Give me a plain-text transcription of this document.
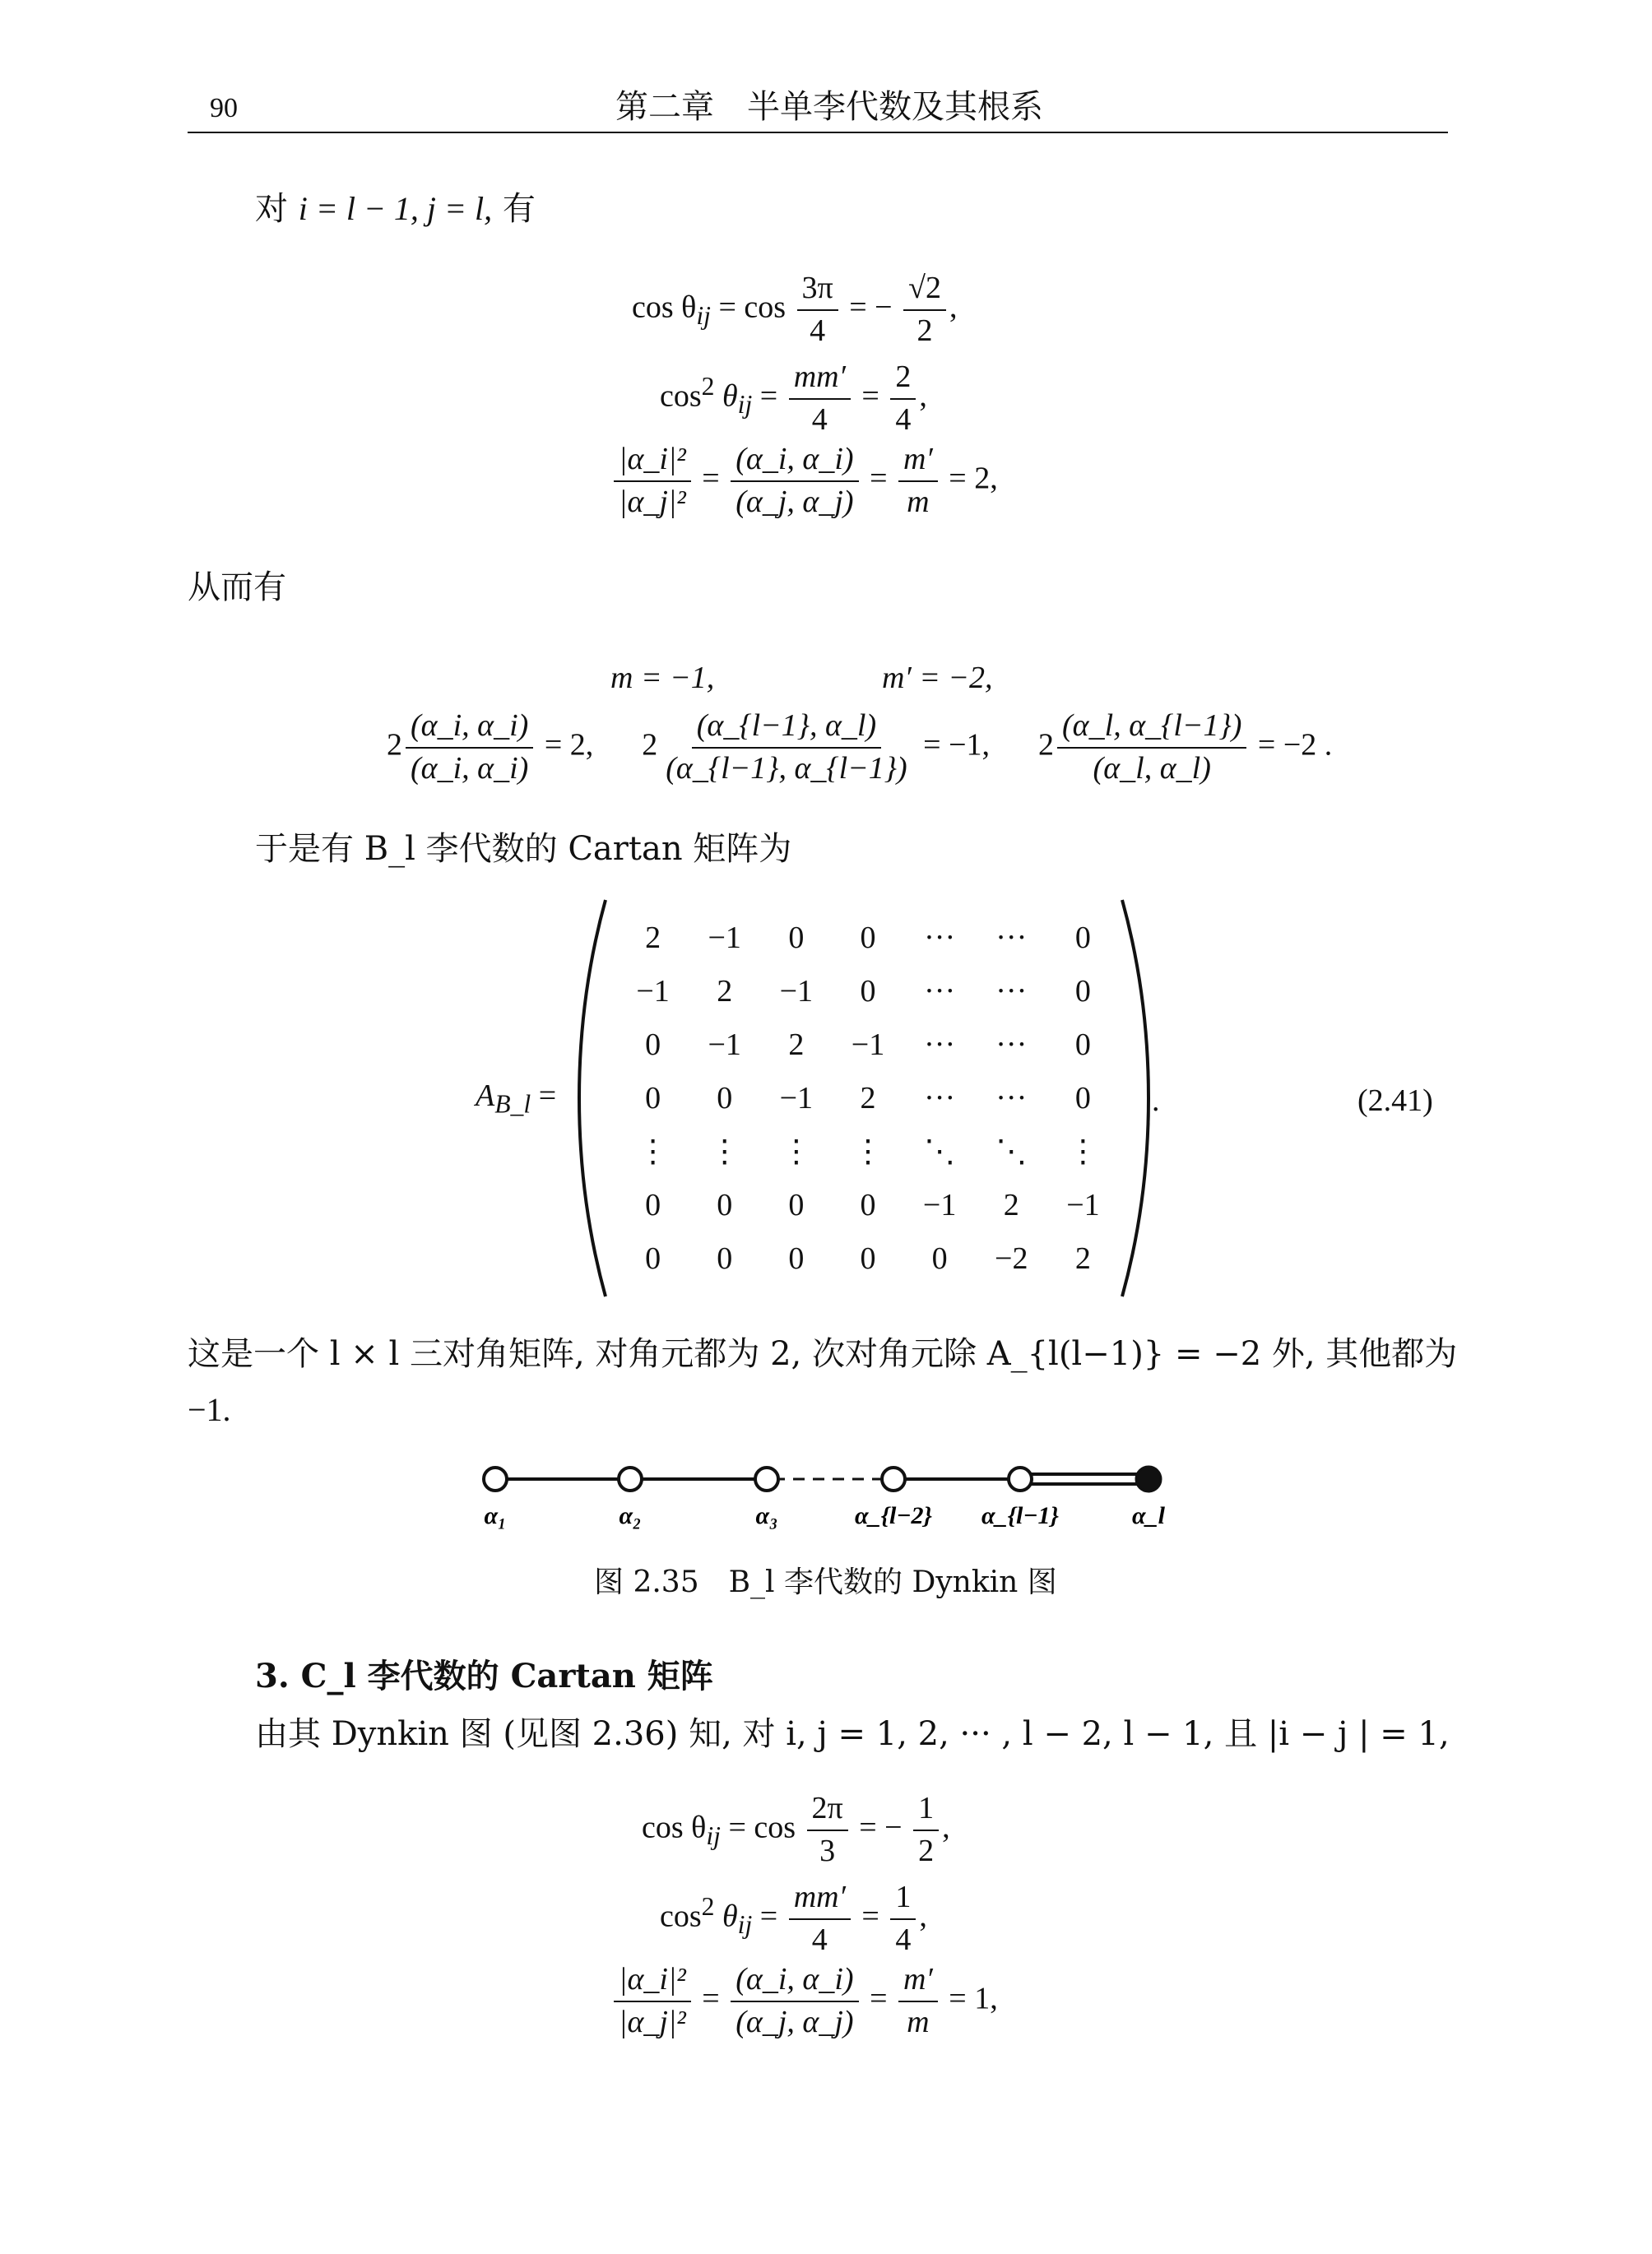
90	第二章　半单李代数及其根系
对 i = l − 1, j = l, 有
$\cos \theta_{ij} = \cos \frac{3\pi}{4}$ = − $\frac{√2}{2}$ ,
$\cos^2 \theta_{ij} = \frac{mm'}{4} = \frac{2}{4}$ ,
$\frac{\text{|α\_i|²}}{\text{|α\_j|²}} = \frac{(\alpha\_i, \alpha\_i)}{(\alpha\_j, \alpha\_j)} = \frac{m'}{m} = 2$,
从而有
m = −1,	m′ = −2,
$2 \frac{(\alpha\_i, \alpha\_i)}{(\alpha\_i, \alpha\_i)} = 2$, $2 \frac{(\alpha\_\{l-1\}, \alpha\_l)}{(\alpha\_\{l-1\}, \alpha\_\{l-1\})} = -1$, $2 \frac{(\alpha\_l, \alpha\_\{l-1\})}{(\alpha\_l, \alpha\_l)} = -2$ .
于是有 B_l 李代数的 Cartan 矩阵为
$A_{B\_l}$ =
2	−1	0	0	···	···	0
−1	2	−1	0	···	···	0
0	−1	2	−1	···	···	0
0	0	−1	2	···	···	0
⋮	⋮	⋮	⋮	⋱	⋱	⋮
0	0	0	0	−1	2	−1
0	0	0	0	0	−2	2
.	(2.41)
这是一个 l × l 三对角矩阵, 对角元都为 2, 次对角元除 A_{l(l−1)} = −2 外, 其他都为
−1.
α₁	α₂	α₃	α_{l−2} α_{l−1}	α_l
图 2.35　B_l 李代数的 Dynkin 图
3. C_l 李代数的 Cartan 矩阵
由其 Dynkin 图 (见图 2.36) 知, 对 i, j = 1, 2, ··· , l − 2, l − 1, 且 |i − j | = 1,
$\cos \theta_{ij} = \cos \frac{2\pi}{3}$ = − $\frac{1}{2}$ ,
$\cos^2 \theta_{ij} = \frac{mm'}{4} = \frac{1}{4}$ ,
$\frac{\text{|α\_i|²}}{\text{|α\_j|²}} = \frac{(\alpha\_i, \alpha\_i)}{(\alpha\_j, \alpha\_j)} = \frac{m'}{m} = 1$,
